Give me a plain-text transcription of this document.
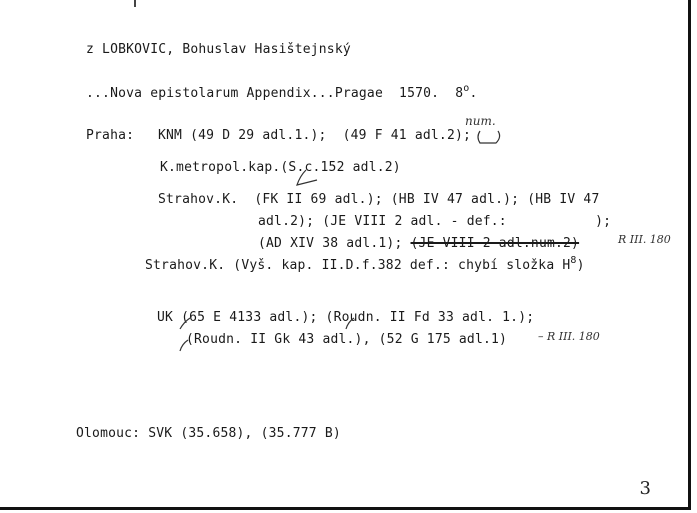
z LOBKOVIC, Bohuslav Hasištejnský
...Nova epistolarum Appendix...Pragae  1570.  8$^o$.
Praha: KNM (49 D 29 adl.1.);  (49 F 41 adl.2);
num.
K.metropol.kap.(S.c.152 adl.2)
Strahov.K.  (FK II 69 adl.); (HB IV 47 adl.); (HB IV 47
adl.2); (JE VIII 2 adl. - def.:           );
(AD XIV 38 adl.1); (JE VIII 2 adl.num.2)	R III. 180
Strahov.K. (Vyš. kap. II.D.f.382 def.: chybí složka $H^8$)
UK (65 E 4133 adl.); (Roudn. II Fd 33 adl. 1.);
(Roudn. II Gk 43 adl.), (52 G 175 adl.1)	– R III. 180
Olomouc: SVK (35.658), (35.777 B)
3
